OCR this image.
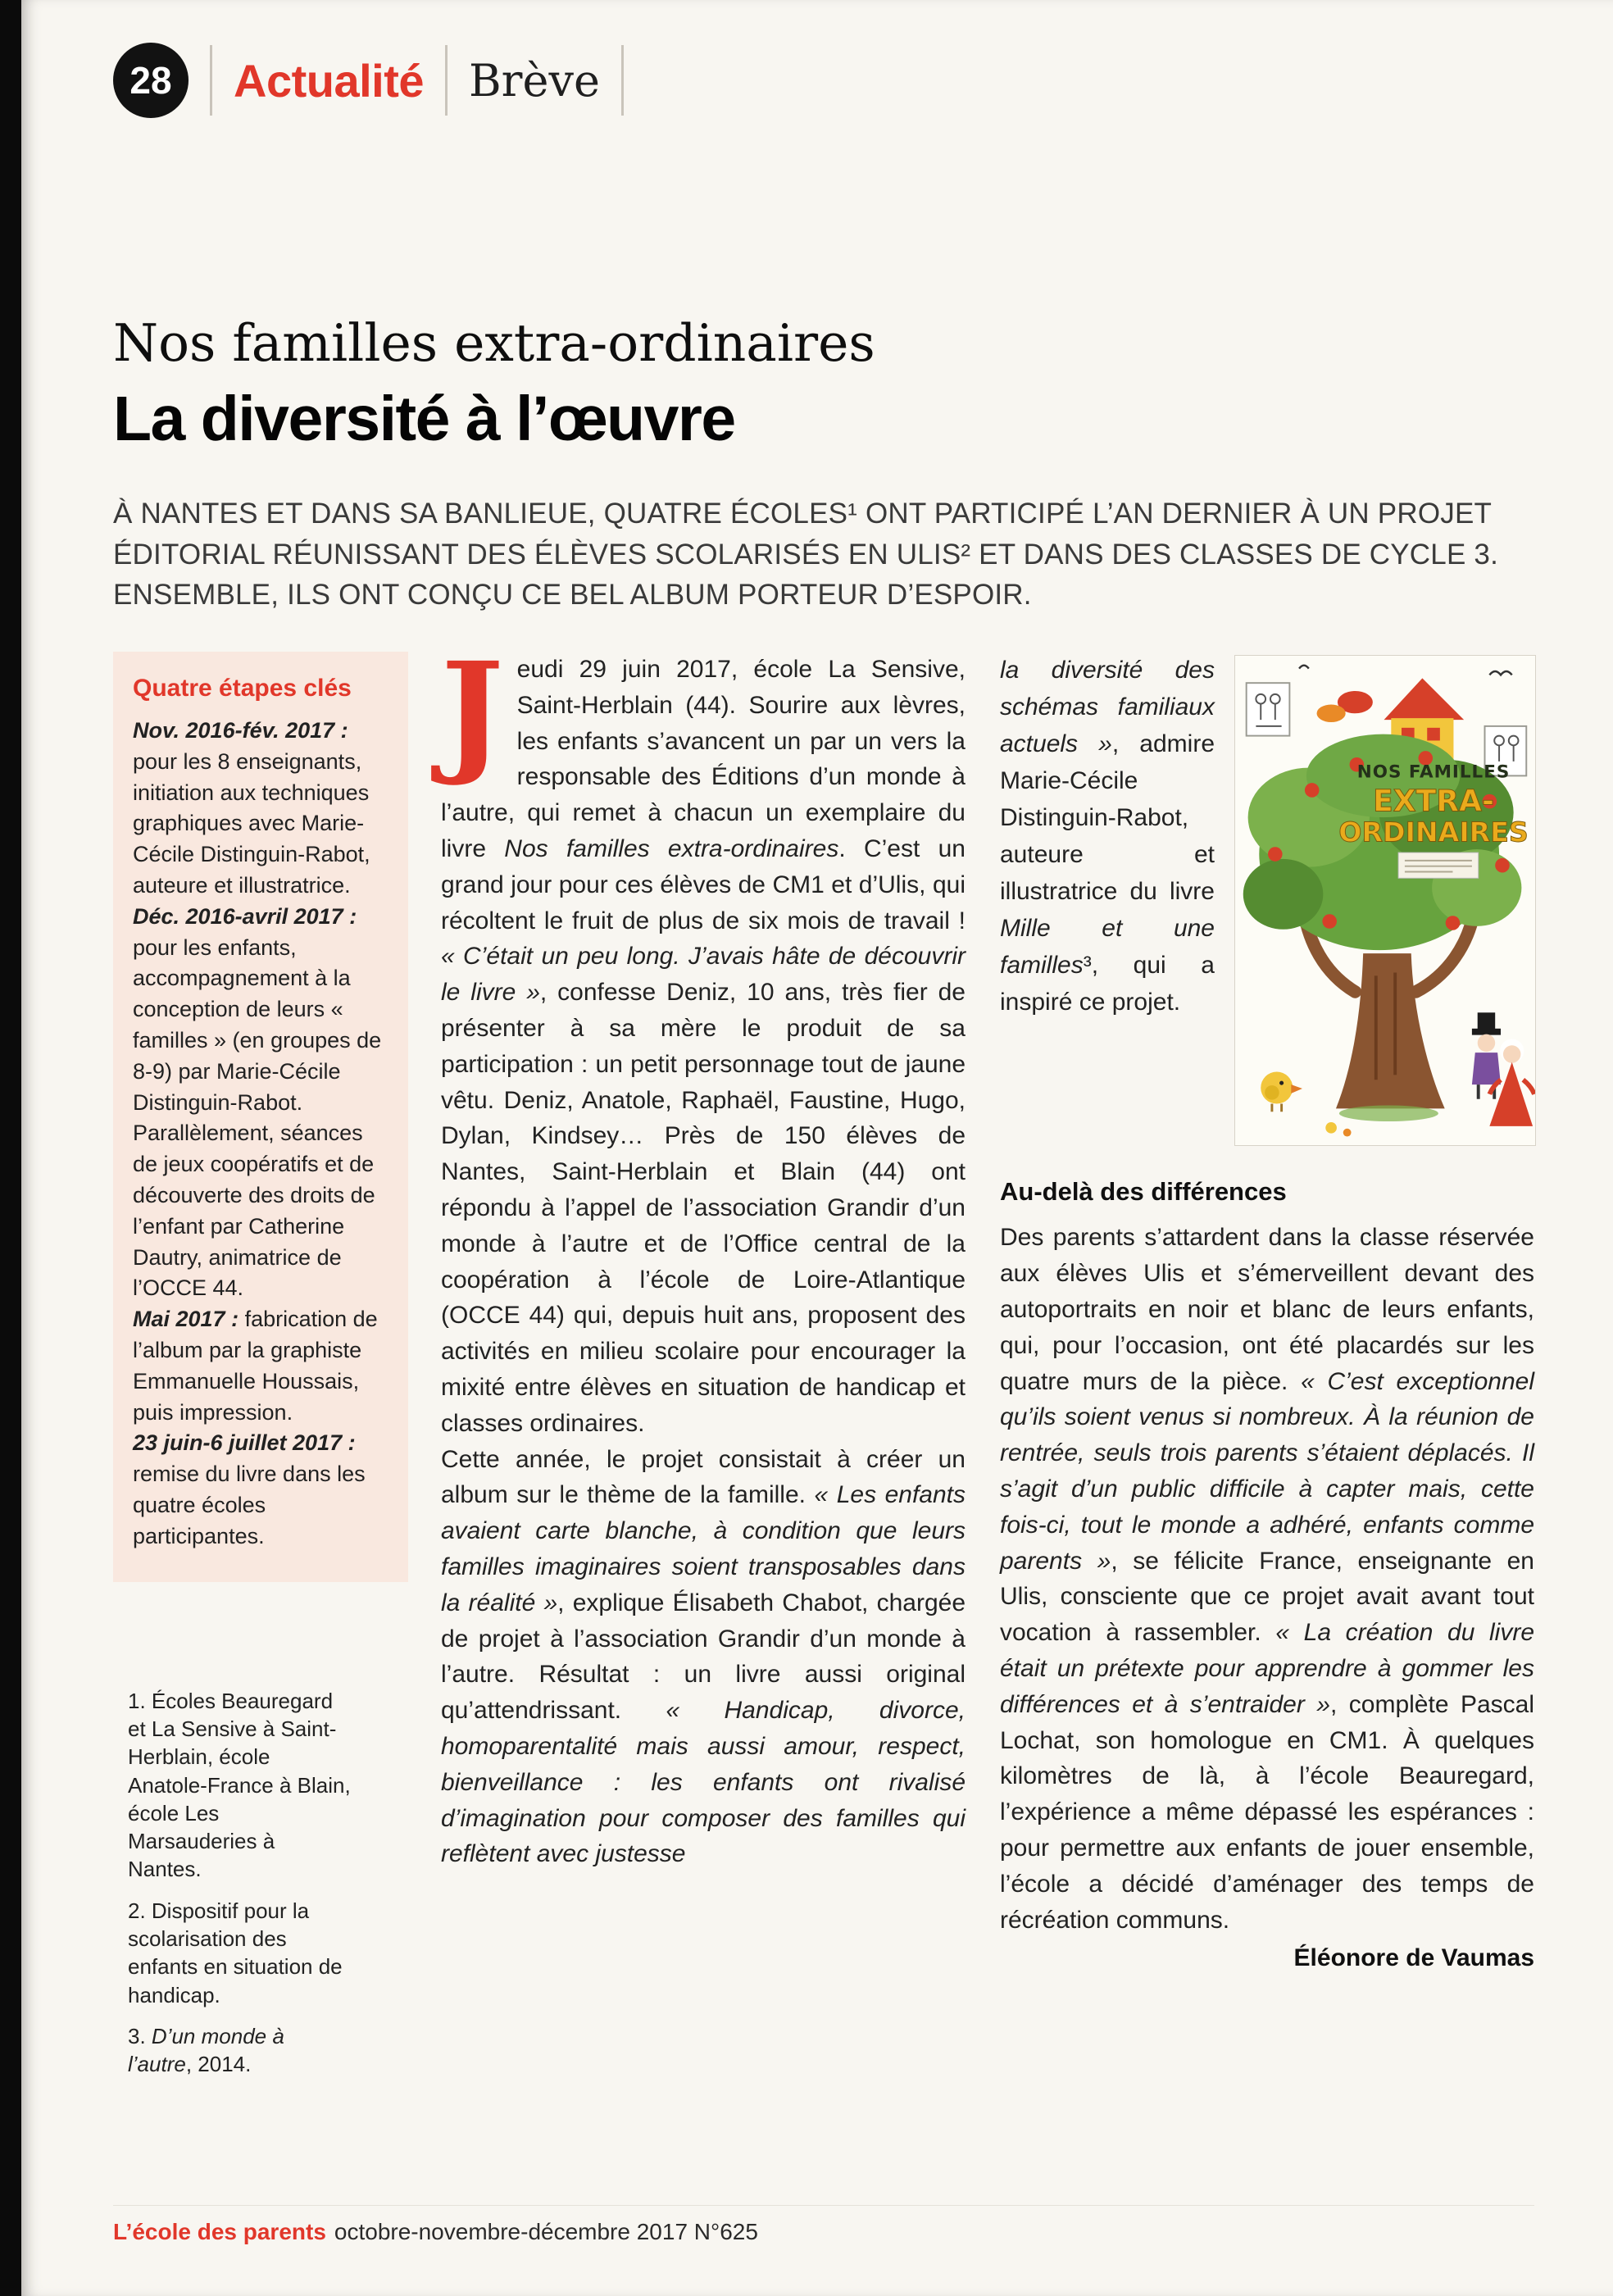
28 Actualité Brève
Nos familles extra-ordinaires
La diversité à l’œuvre
À NANTES ET DANS SA BANLIEUE, QUATRE ÉCOLES¹ ONT PARTICIPÉ L’AN DERNIER À UN PROJET ÉDITORIAL RÉUNISSANT DES ÉLÈVES SCOLARISÉS EN ULIS² ET DANS DES CLASSES DE CYCLE 3. ENSEMBLE, ILS ONT CONÇU CE BEL ALBUM PORTEUR D’ESPOIR.
Quatre étapes clés

Nov. 2016-fév. 2017 : pour les 8 enseignants, initiation aux techniques graphiques avec Marie-Cécile Distinguin-Rabot, auteure et illustratrice.

Déc. 2016-avril 2017 : pour les enfants, accompagnement à la conception de leurs « familles » (en groupes de 8-9) par Marie-Cécile Distinguin-Rabot. Parallèlement, séances de jeux coopératifs et de découverte des droits de l’enfant par Catherine Dautry, animatrice de l’OCCE 44.

Mai 2017 : fabrication de l’album par la graphiste Emmanuelle Houssais, puis impression.

23 juin-6 juillet 2017 : remise du livre dans les quatre écoles participantes.

1. Écoles Beauregard et La Sensive à Saint-Herblain, école Anatole-France à Blain, école Les Marsauderies à Nantes.

2. Dispositif pour la scolarisation des enfants en situation de handicap.

3. D’un monde à l’autre, 2014.

Jeudi 29 juin 2017, école La Sensive, Saint-Herblain (44). Sourire aux lèvres, les enfants s’avancent un par un vers la responsable des Éditions d’un monde à l’autre, qui remet à chacun un exemplaire du livre Nos familles extra-ordinaires. C’est un grand jour pour ces élèves de CM1 et d’Ulis, qui récoltent le fruit de plus de six mois de travail ! « C’était un peu long. J’avais hâte de découvrir le livre », confesse Deniz, 10 ans, très fier de présenter à sa mère le produit de sa participation : un petit personnage tout de jaune vêtu. Deniz, Anatole, Raphaël, Faustine, Hugo, Dylan, Kindsey… Près de 150 élèves de Nantes, Saint-Herblain et Blain (44) ont répondu à l’appel de l’association Grandir d’un monde à l’autre et de l’Office central de la coopération à l’école de Loire-Atlantique (OCCE 44) qui, depuis huit ans, proposent des activités en milieu scolaire pour encourager la mixité entre élèves en situation de handicap et classes ordinaires.

Cette année, le projet consistait à créer un album sur le thème de la famille. « Les enfants avaient carte blanche, à condition que leurs familles imaginaires soient transposables dans la réalité », explique Élisabeth Chabot, chargée de projet à l’association Grandir d’un monde à l’autre. Résultat : un livre aussi original qu’attendrissant. « Handicap, divorce, homoparentalité mais aussi amour, respect, bienveillance : les enfants ont rivalisé d’imagination pour composer des familles qui reflètent avec justesse

la diversité des schémas familiaux actuels », admire Marie-Cécile Distinguin-Rabot, auteure et illustratrice du livre Mille et une familles³, qui a inspiré ce projet.

NOS FAMILLES
EXTRA-
ORDINAIRES
Au-delà des différences

Des parents s’attardent dans la classe réservée aux élèves Ulis et s’émerveillent devant des autoportraits en noir et blanc de leurs enfants, qui, pour l’occasion, ont été placardés sur les quatre murs de la pièce. « C’est exceptionnel qu’ils soient venus si nombreux. À la réunion de rentrée, seuls trois parents s’étaient déplacés. Il s’agit d’un public difficile à capter mais, cette fois-ci, tout le monde a adhéré, enfants comme parents », se félicite France, enseignante en Ulis, consciente que ce projet avait avant tout vocation à rassembler. « La création du livre était un prétexte pour apprendre à gommer les différences et à s’entraider », complète Pascal Lochat, son homologue en CM1. À quelques kilomètres de là, à l’école Beauregard, l’expérience a même dépassé les espérances : pour permettre aux enfants de jouer ensemble, l’école a décidé d’aménager des temps de récréation communs.

Éléonore de Vaumas
L’école des parents octobre-novembre-décembre 2017 N°625
